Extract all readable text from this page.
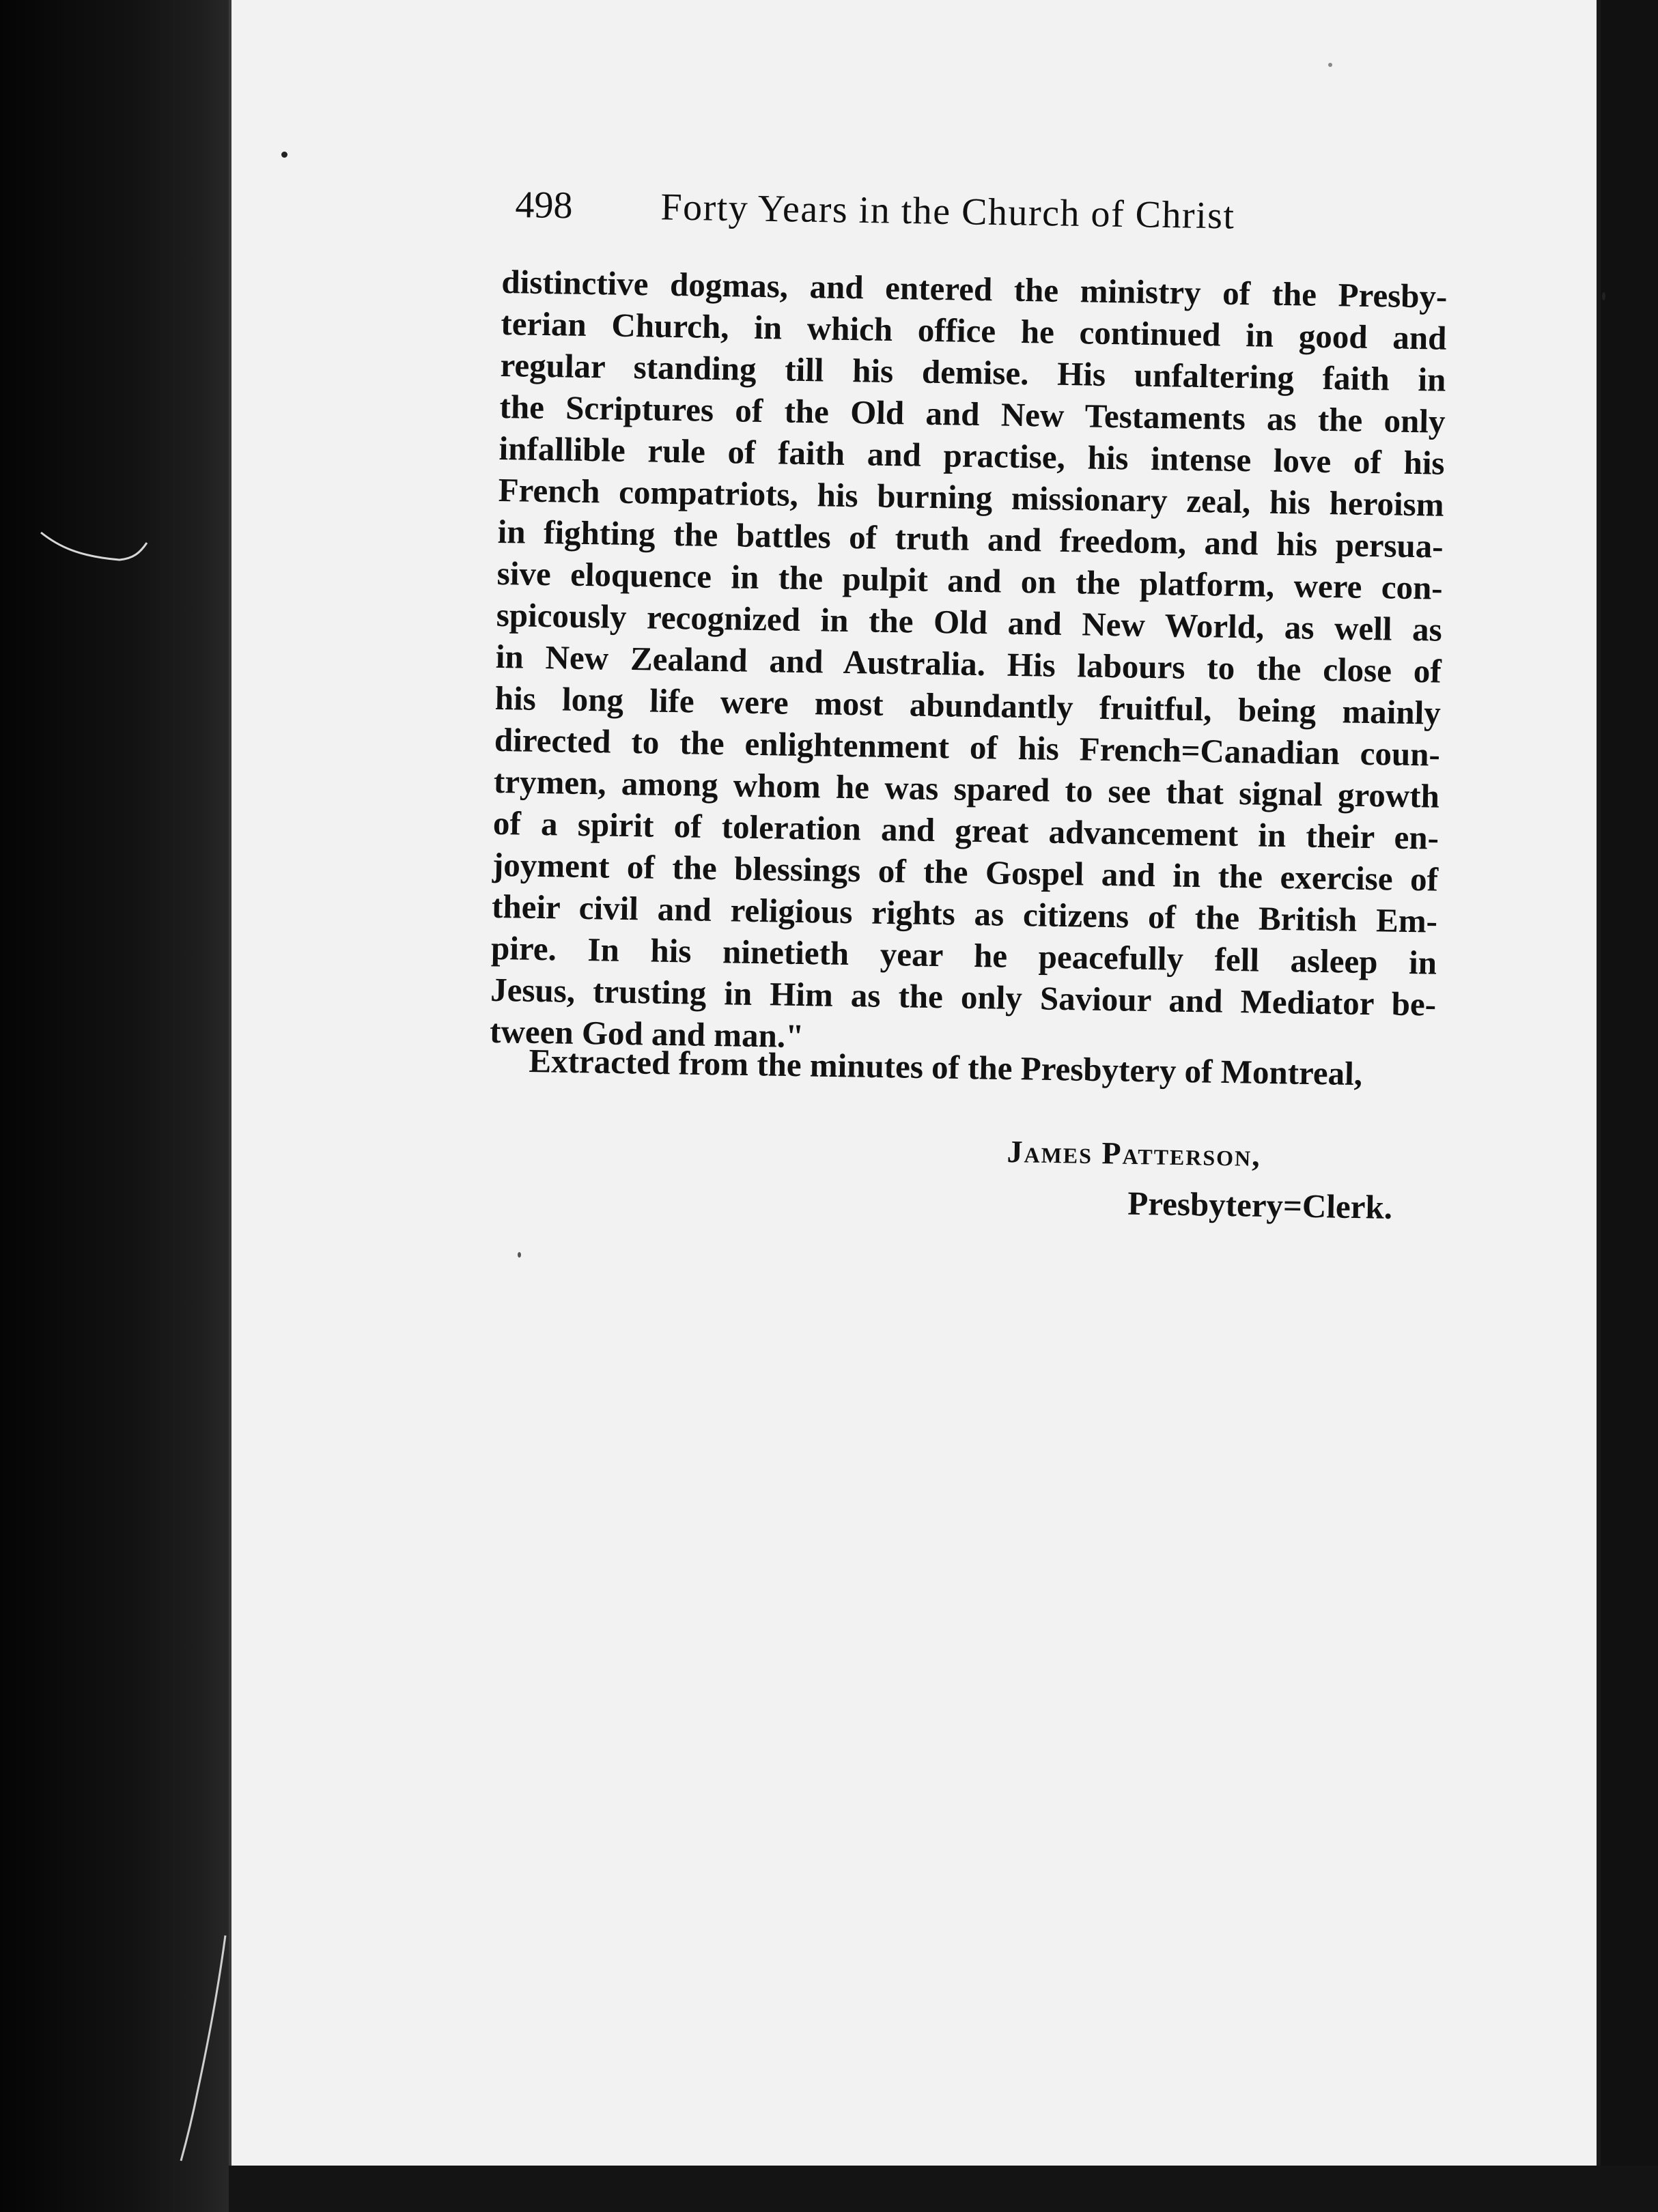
498 Forty Years in the Church of Christ
distinctive dogmas, and entered the ministry of the Presby-
terian Church, in which office he continued in good and
regular standing till his demise. His unfaltering faith in
the Scriptures of the Old and New Testaments as the only
infallible rule of faith and practise, his intense love of his
French compatriots, his burning missionary zeal, his heroism
in fighting the battles of truth and freedom, and his persua-
sive eloquence in the pulpit and on the platform, were con-
spicously recognized in the Old and New World, as well as
in New Zealand and Australia. His labours to the close of
his long life were most abundantly fruitful, being mainly
directed to the enlightenment of his French=Canadian coun-
trymen, among whom he was spared to see that signal growth
of a spirit of toleration and great advancement in their en-
joyment of the blessings of the Gospel and in the exercise of
their civil and religious rights as citizens of the British Em-
pire. In his ninetieth year he peacefully fell asleep in
Jesus, trusting in Him as the only Saviour and Mediator be-
tween God and man."
Extracted from the minutes of the Presbytery of Montreal,
James Patterson,
Presbytery=Clerk.
